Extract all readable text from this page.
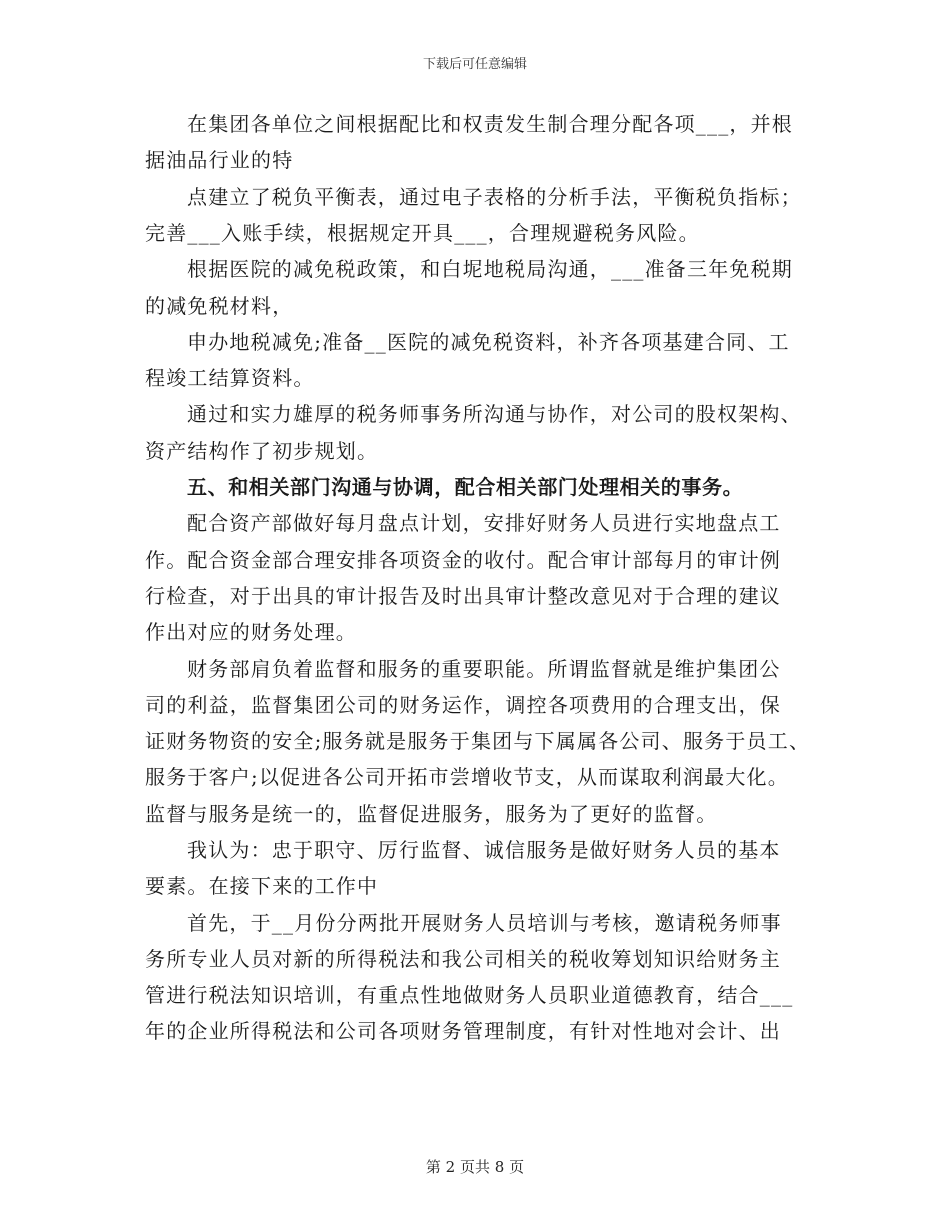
下载后可任意编辑
在集团各单位之间根据配比和权责发生制合理分配各项___，并根
据油品行业的特
点建立了税负平衡表，通过电子表格的分析手法，平衡税负指标；
完善___入账手续，根据规定开具___，合理规避税务风险。
根据医院的减免税政策，和白坭地税局沟通，___准备三年免税期
的减免税材料，
申办地税减免;准备__医院的减免税资料，补齐各项基建合同、工
程竣工结算资料。
通过和实力雄厚的税务师事务所沟通与协作，对公司的股权架构、
资产结构作了初步规划。
五、和相关部门沟通与协调，配合相关部门处理相关的事务。
配合资产部做好每月盘点计划，安排好财务人员进行实地盘点工
作。配合资金部合理安排各项资金的收付。配合审计部每月的审计例
行检查，对于出具的审计报告及时出具审计整改意见对于合理的建议
作出对应的财务处理。
财务部肩负着监督和服务的重要职能。所谓监督就是维护集团公
司的利益，监督集团公司的财务运作，调控各项费用的合理支出，保
证财务物资的安全;服务就是服务于集团与下属属各公司、服务于员工、
服务于客户;以促进各公司开拓市尝增收节支，从而谋取利润最大化。
监督与服务是统一的，监督促进服务，服务为了更好的监督。
我认为：忠于职守、厉行监督、诚信服务是做好财务人员的基本
要素。在接下来的工作中
首先，于__月份分两批开展财务人员培训与考核，邀请税务师事
务所专业人员对新的所得税法和我公司相关的税收筹划知识给财务主
管进行税法知识培训，有重点性地做财务人员职业道德教育，结合___
年的企业所得税法和公司各项财务管理制度，有针对性地对会计、出
第 2 页共 8 页
